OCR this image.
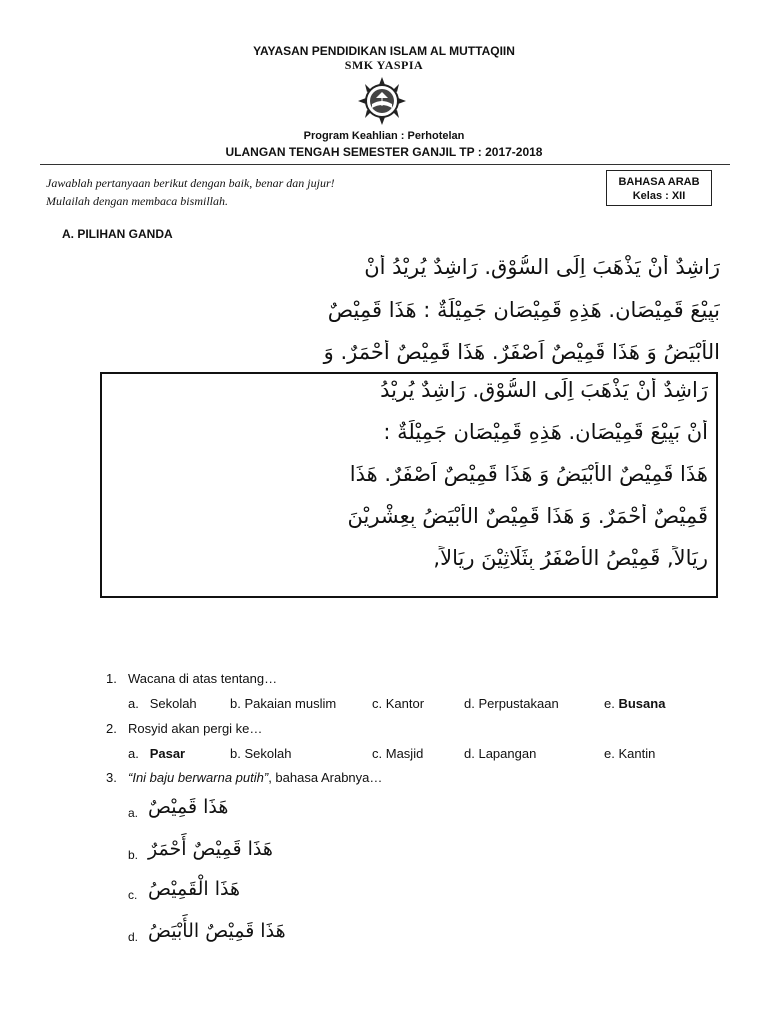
YAYASAN PENDIDIKAN ISLAM AL MUTTAQIIN
SMK YASPIA
Program Keahlian : Perhotelan
ULANGAN TENGAH SEMESTER GANJIL TP : 2017-2018
Jawablah pertanyaan berikut dengan baik, benar dan jujur!
Mulailah dengan membaca bismillah.
BAHASA ARAB
Kelas : XII
A. PILIHAN GANDA
رَاشِدٌ أَنْ يَذْهَبَ اِلَى السُّوْقِ. رَاشِدٌ يُرِيْدُ أَنْ
بَيِيْعَ قَمِيْصَانِ. هَذِهِ قَمِيْصَانِ جَمِيْلَةٌ : هَذَا قَمِيْصٌ
الأَبْيَضُ وَ هَذَا قَمِيْصٌ اَصْفَرٌ. هَذَا قَمِيْصٌ أَحْمَرٌ. وَ
رَاشِدٌ أَنْ يَذْهَبَ اِلَى السُّوْقِ. رَاشِدٌ يُرِيْدُ
أَنْ بَيِيْعَ قَمِيْصَانِ. هَذِهِ قَمِيْصَانِ جَمِيْلَةٌ :
هَذَا قَمِيْصٌ الأَبْيَضُ وَ هَذَا قَمِيْصٌ اَصْفَرٌ. هَذَا
قَمِيْصٌ أَحْمَرٌ. وَ هَذَا قَمِيْصٌ الأَبْيَضُ بِعِشْرِيْنَ
رِيَالاً, قَمِيْصُ الأَصْفَرُ بِثَلَاثِيْنَ رِيَالاً,
1. Wacana di atas tentang…
a. Sekolah	b. Pakaian muslim	c. Kantor	d. Perpustakaan	e. Busana
2. Rosyid akan pergi ke…
a. Pasar	b. Sekolah	c. Masjid	d. Lapangan	e. Kantin
3. “Ini baju berwarna putih”, bahasa Arabnya…
a. هَذَا قَمِيْصٌ
b. هَذَا قَمِيْصٌ أَحْمَرٌ
c. هَذَا الْقَمِيْصُ
d. هَذَا قَمِيْصٌ الأَبْيَضُ
